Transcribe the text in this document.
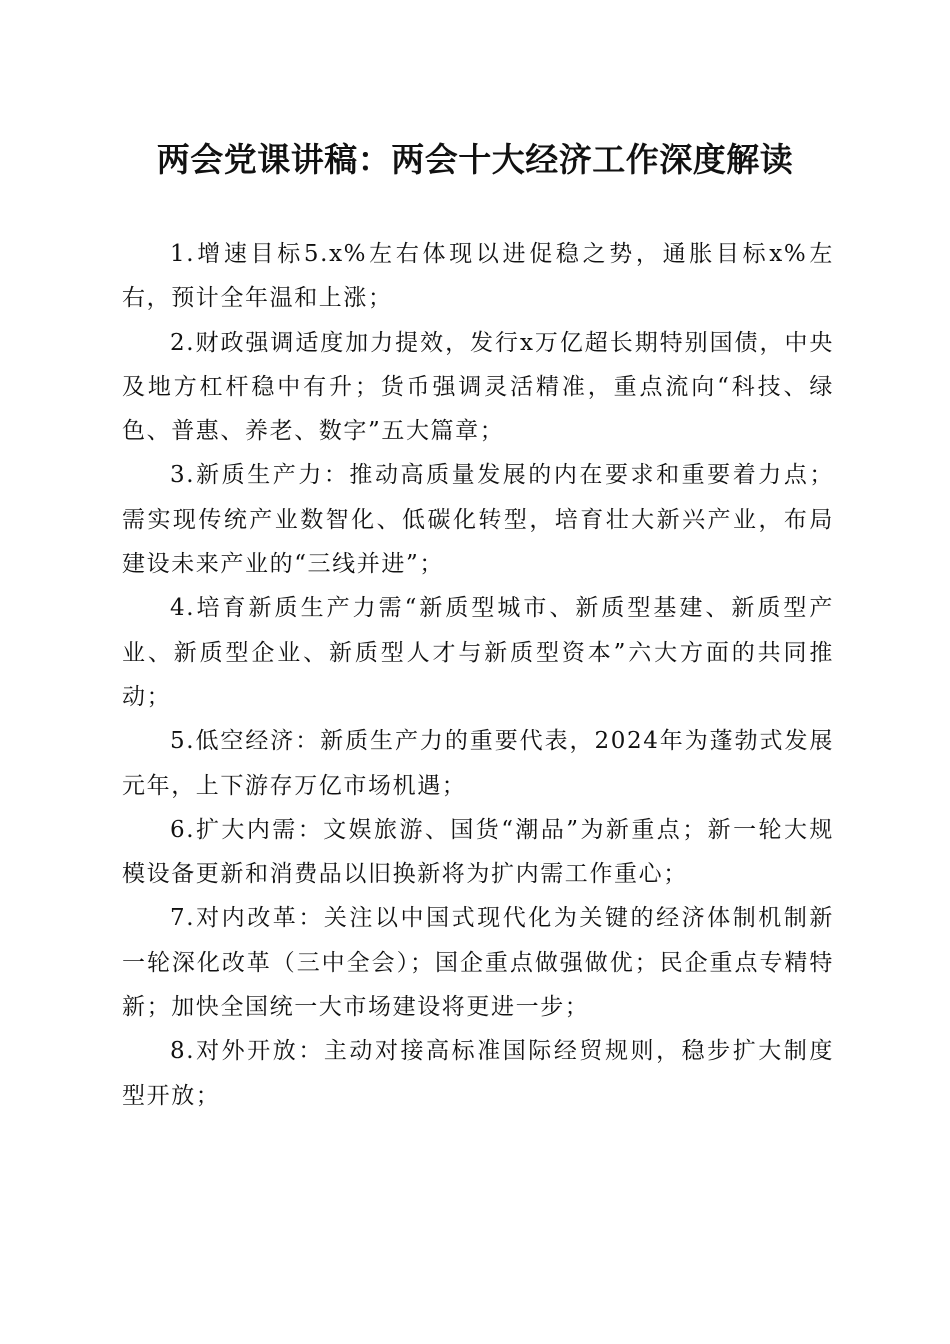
两会党课讲稿：两会十大经济工作深度解读

1.增速目标5.x%左右体现以进促稳之势，通胀目标x%左右，预计全年温和上涨；

2.财政强调适度加力提效，发行x万亿超长期特别国债，中央及地方杠杆稳中有升；货币强调灵活精准，重点流向“科技、绿色、普惠、养老、数字”五大篇章；

3.新质生产力：推动高质量发展的内在要求和重要着力点；需实现传统产业数智化、低碳化转型，培育壮大新兴产业，布局建设未来产业的“三线并进”；

4.培育新质生产力需“新质型城市、新质型基建、新质型产业、新质型企业、新质型人才与新质型资本”六大方面的共同推动；

5.低空经济：新质生产力的重要代表，2024年为蓬勃式发展元年，上下游存万亿市场机遇；

6.扩大内需：文娱旅游、国货“潮品”为新重点；新一轮大规模设备更新和消费品以旧换新将为扩内需工作重心；

7.对内改革：关注以中国式现代化为关键的经济体制机制新一轮深化改革（三中全会）；国企重点做强做优；民企重点专精特新；加快全国统一大市场建设将更进一步；

8.对外开放：主动对接高标准国际经贸规则，稳步扩大制度型开放；
